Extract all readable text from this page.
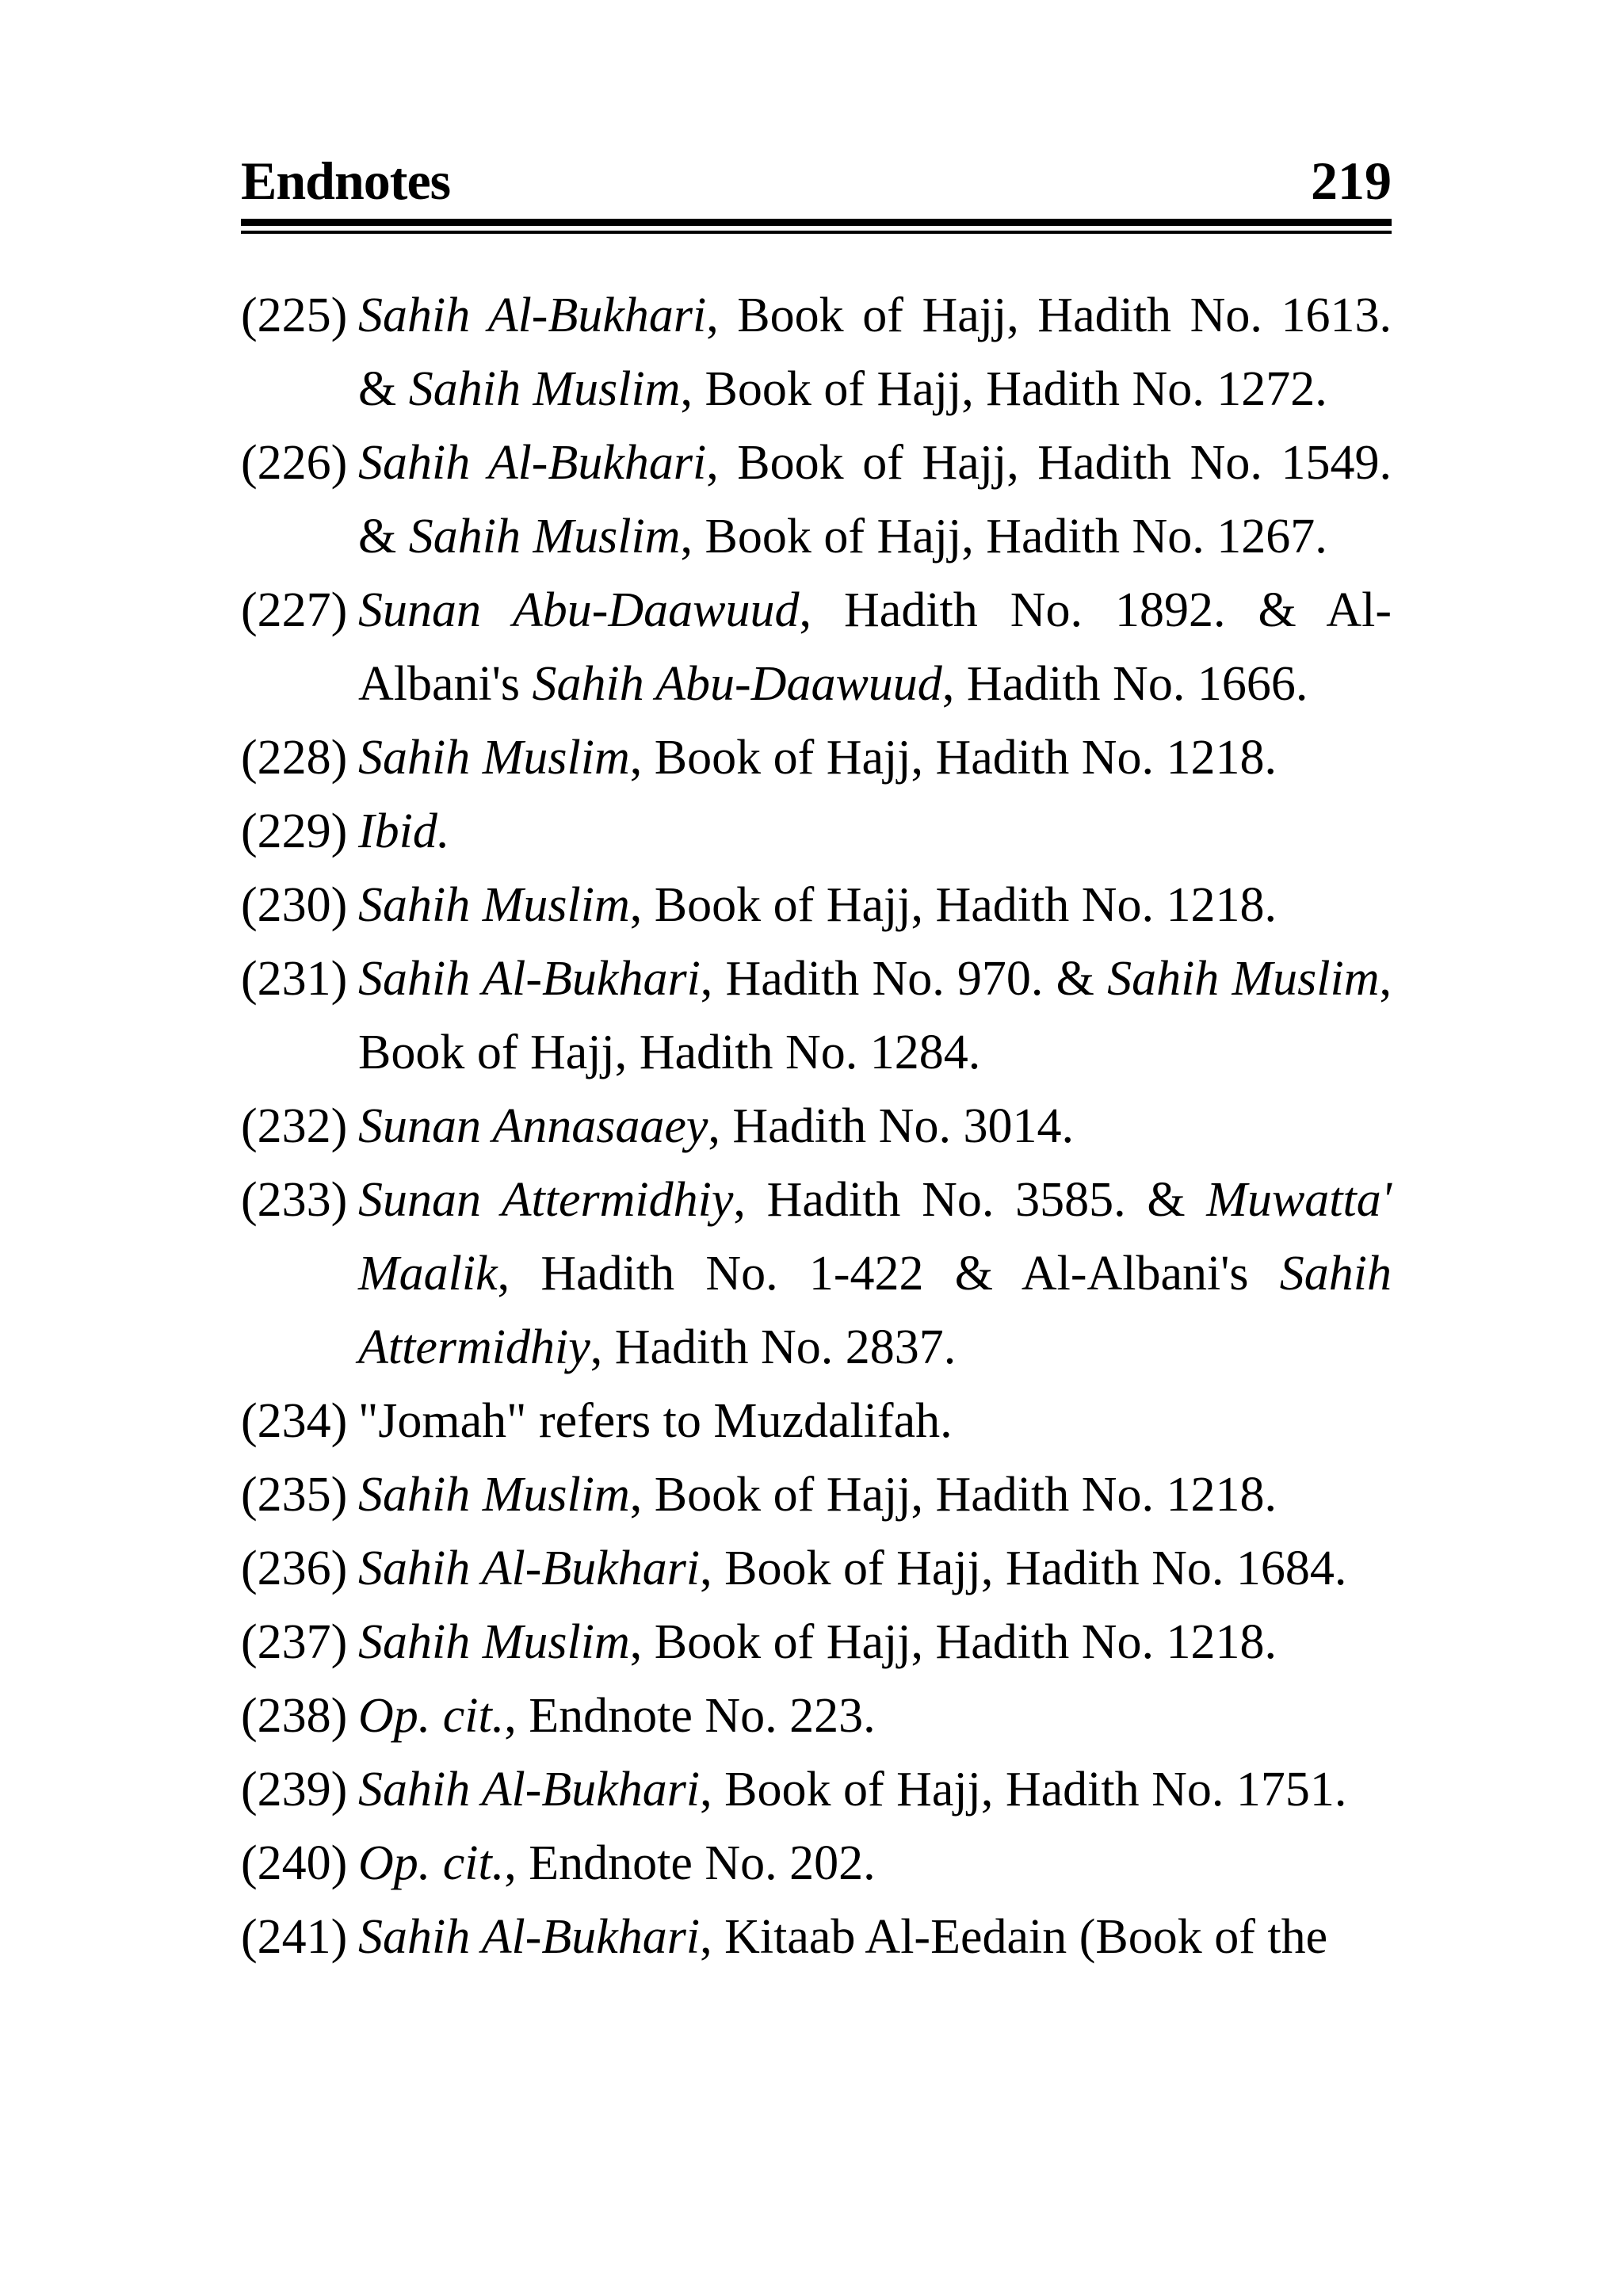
Endnotes	219
(225) Sahih Al-Bukhari, Book of Hajj, Hadith No. 1613. & Sahih Muslim, Book of Hajj, Hadith No. 1272.
(226) Sahih Al-Bukhari, Book of Hajj, Hadith No. 1549. & Sahih Muslim, Book of Hajj, Hadith No. 1267.
(227) Sunan Abu-Daawuud, Hadith No. 1892. & Al-Albani's Sahih Abu-Daawuud, Hadith No. 1666.
(228) Sahih Muslim, Book of Hajj, Hadith No. 1218.
(229) Ibid.
(230) Sahih Muslim, Book of Hajj, Hadith No. 1218.
(231) Sahih Al-Bukhari, Hadith No. 970. & Sahih Muslim, Book of Hajj, Hadith No. 1284.
(232) Sunan Annasaaey, Hadith No. 3014.
(233) Sunan Attermidhiy, Hadith No. 3585. & Muwatta' Maalik, Hadith No. 1-422 & Al-Albani's Sahih Attermidhiy, Hadith No. 2837.
(234) "Jomah" refers to Muzdalifah.
(235) Sahih Muslim, Book of Hajj, Hadith No. 1218.
(236) Sahih Al-Bukhari, Book of Hajj, Hadith No. 1684.
(237) Sahih Muslim, Book of Hajj, Hadith No. 1218.
(238) Op. cit., Endnote No. 223.
(239) Sahih Al-Bukhari, Book of Hajj, Hadith No. 1751.
(240) Op. cit., Endnote No. 202.
(241) Sahih Al-Bukhari, Kitaab Al-Eedain (Book of the
